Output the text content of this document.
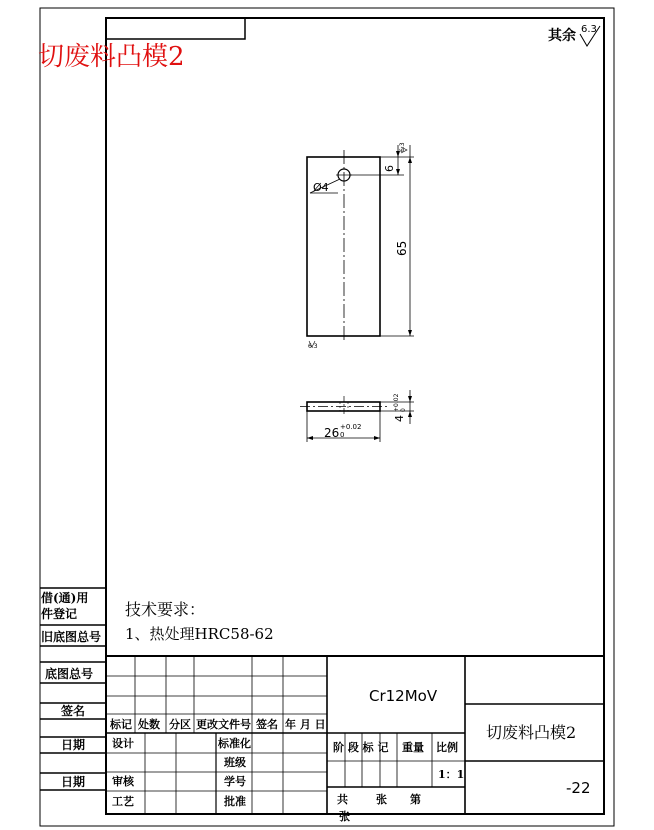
切废料凸模2
其余 6.3
Ø4
6
65
6.3
6.3
26 +0.02
0
4
+0.02 0
技术要求：
1、热处理HRC58-62
借(通)用
件登记
旧底图总号
底图总号
签名
日期
日期
Cr12MoV
切废料凸模2
-22
标记 处数 分区 更改文件号 签名 年 月 日
设计	标准化
班级
审核	学号
工艺	批准
阶 段 标 记 重量 比例
1：1
共	张 第
张
